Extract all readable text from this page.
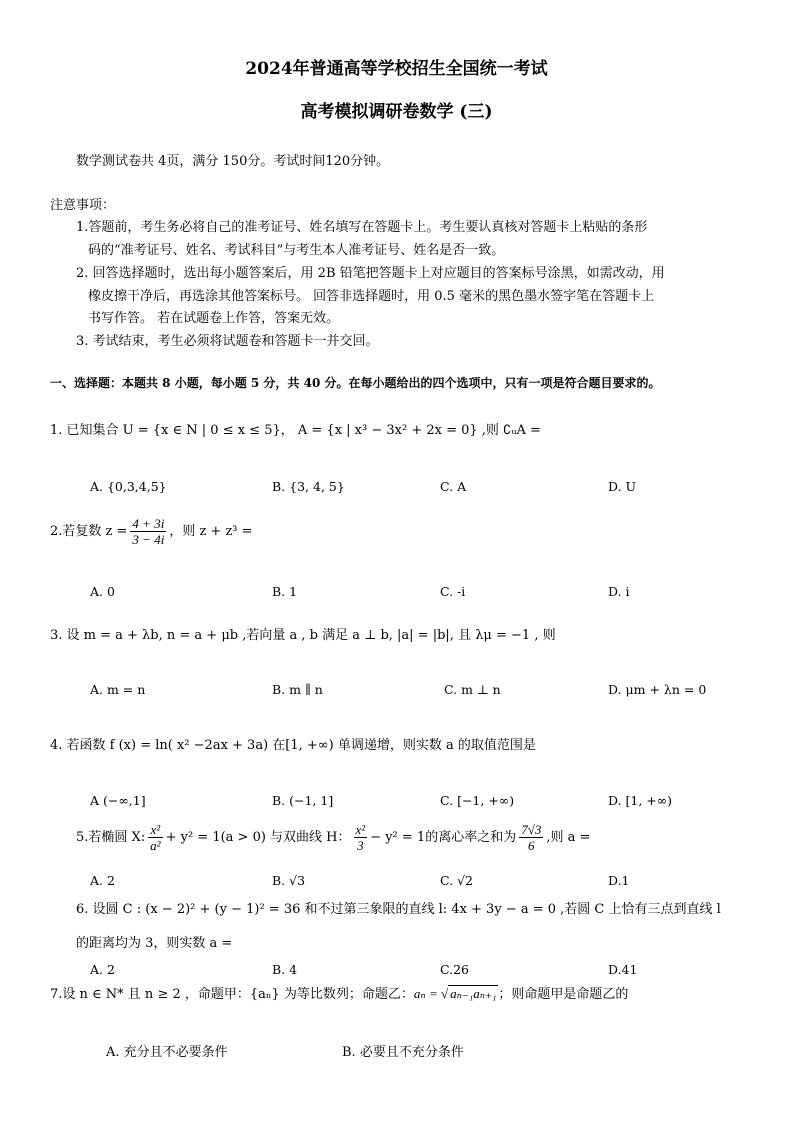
2024年普通高等学校招生全国统一考试
高考模拟调研卷数学 (三)
数学测试卷共 4页，满分 150分。考试时间120分钟。
注意事项：
1.答题前，考生务必将自己的准考证号、姓名填写在答题卡上。考生要认真核对答题卡上粘贴的条形
码的“准考证号、姓名、考试科目”与考生本人准考证号、姓名是否一致。
2. 回答选择题时，选出每小题答案后，用 2B 铅笔把答题卡上对应题目的答案标号涂黑，如需改动，用
橡皮擦干净后，再选涂其他答案标号。 回答非选择题时，用 0.5 毫米的黑色墨水签字笔在答题卡上
书写作答。 若在试题卷上作答，答案无效。
3. 考试结束，考生必须将试题卷和答题卡一并交回。
一、选择题：本题共 8 小题，每小题 5 分，共 40 分。在每小题给出的四个选项中，只有一项是符合题目要求的。
1. 已知集合 U = {x ∈ N | 0 ≤ x ≤ 5}， A = {x | x³ − 3x² + 2x = 0} ,则 ∁ᵤA =
A. {0,3,4,5}	B. {3, 4, 5}	C. A	D. U
2.若复数 $z = \frac{4 + 3i}{3 - 4i}$ ，则 z + z³ =
A. 0	B. 1	C. -i	D. i
3. 设 m = a + λb, n = a + μb ,若向量 a , b 满足 a ⊥ b, |a| = |b|, 且 λμ = −1 , 则
A. m = n	B. m ∥ n	C. m ⊥ n	D. μm + λn = 0
4. 若函数 f (x) = ln( x² −2ax + 3a) 在[1, +∞) 单调递增，则实数 a 的取值范围是
A (−∞,1]	B. (−1, 1]	C. [−1, +∞)	D. [1, +∞)
5.若椭圆 X: $\frac{\text{x²}}{\text{a²}} + y^2 = 1(a > 0)$ 与双曲线 H： $\frac{\text{x²}}{3} - y^2 = 1$的离心率之和为 $\frac{7√3}{6}$ ,则 a =
A. 2	B. √3	C. √2	D.1
6. 设圆 C : (x − 2)² + (y − 1)² = 36 和不过第三象限的直线 l: 4x + 3y − a = 0 ,若圆 C 上恰有三点到直线 l
的距离均为 3，则实数 a =
A. 2	B. 4	C.26	D.41
7.设 n ∈ N* 且 n ≥ 2 ，命题甲：{aₙ} 为等比数列；命题乙：aₙ = √ aₙ₋₁aₙ₊₁ ；则命题甲是命题乙的
A. 充分且不必要条件	B. 必要且不充分条件
